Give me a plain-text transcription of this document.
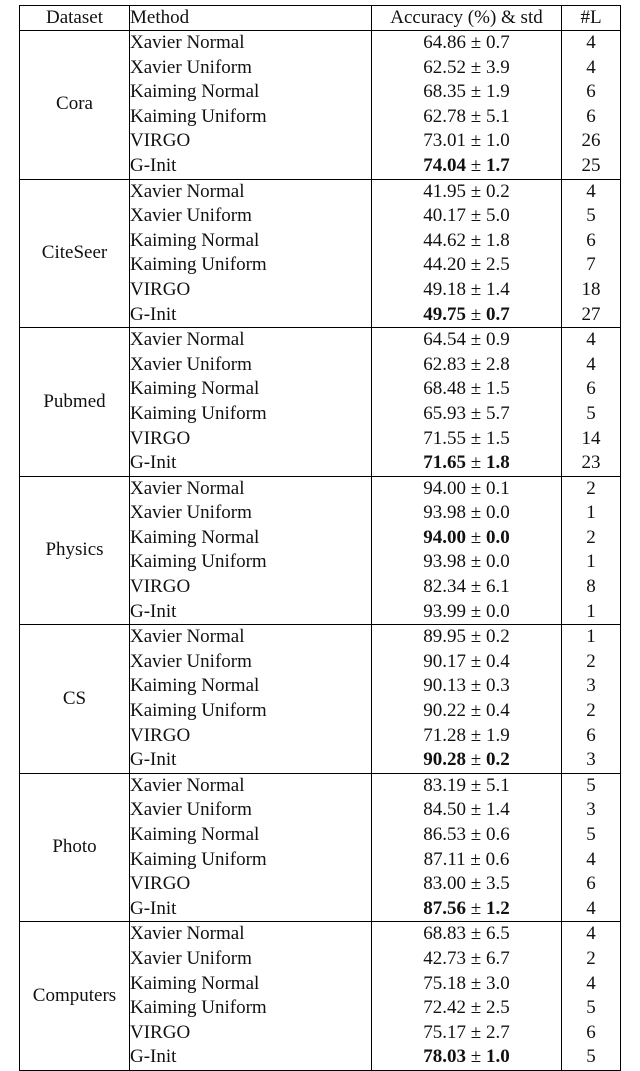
Dataset	Method	Accuracy (%) & std	#L
Cora	Xavier Normal	64.86 ± 0.7	4
	Xavier Uniform	62.52 ± 3.9	4
	Kaiming Normal	68.35 ± 1.9	6
	Kaiming Uniform	62.78 ± 5.1	6
	VIRGO	73.01 ± 1.0	26
	G-Init	74.04 ± 1.7	25
CiteSeer	Xavier Normal	41.95 ± 0.2	4
	Xavier Uniform	40.17 ± 5.0	5
	Kaiming Normal	44.62 ± 1.8	6
	Kaiming Uniform	44.20 ± 2.5	7
	VIRGO	49.18 ± 1.4	18
	G-Init	49.75 ± 0.7	27
Pubmed	Xavier Normal	64.54 ± 0.9	4
	Xavier Uniform	62.83 ± 2.8	4
	Kaiming Normal	68.48 ± 1.5	6
	Kaiming Uniform	65.93 ± 5.7	5
	VIRGO	71.55 ± 1.5	14
	G-Init	71.65 ± 1.8	23
Physics	Xavier Normal	94.00 ± 0.1	2
	Xavier Uniform	93.98 ± 0.0	1
	Kaiming Normal	94.00 ± 0.0	2
	Kaiming Uniform	93.98 ± 0.0	1
	VIRGO	82.34 ± 6.1	8
	G-Init	93.99 ± 0.0	1
CS	Xavier Normal	89.95 ± 0.2	1
	Xavier Uniform	90.17 ± 0.4	2
	Kaiming Normal	90.13 ± 0.3	3
	Kaiming Uniform	90.22 ± 0.4	2
	VIRGO	71.28 ± 1.9	6
	G-Init	90.28 ± 0.2	3
Photo	Xavier Normal	83.19 ± 5.1	5
	Xavier Uniform	84.50 ± 1.4	3
	Kaiming Normal	86.53 ± 0.6	5
	Kaiming Uniform	87.11 ± 0.6	4
	VIRGO	83.00 ± 3.5	6
	G-Init	87.56 ± 1.2	4
Computers	Xavier Normal	68.83 ± 6.5	4
	Xavier Uniform	42.73 ± 6.7	2
	Kaiming Normal	75.18 ± 3.0	4
	Kaiming Uniform	72.42 ± 2.5	5
	VIRGO	75.17 ± 2.7	6
	G-Init	78.03 ± 1.0	5
